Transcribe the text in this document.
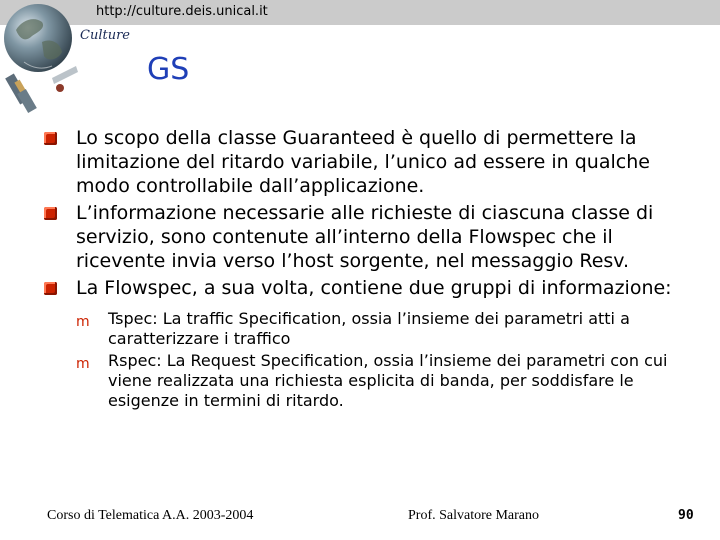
http://culture.deis.unical.it
Culture
GS
Lo scopo della classe Guaranteed è quello di permettere la limitazione del ritardo variabile, l’unico ad essere in qualche modo controllabile dall’applicazione.
L’informazione necessarie alle richieste di ciascuna classe di servizio, sono contenute all’interno della Flowspec che il ricevente invia verso l’host sorgente, nel messaggio Resv.
La Flowspec, a sua volta, contiene due gruppi di informazione:
m Tspec: La traffic Specification, ossia l’insieme dei parametri atti a caratterizzare i traffico
m Rspec: La Request Specification, ossia l’insieme dei parametri con cui viene realizzata una richiesta esplicita di banda, per soddisfare le esigenze in termini di ritardo.
Corso di Telematica A.A. 2003-2004	Prof. Salvatore Marano	90
